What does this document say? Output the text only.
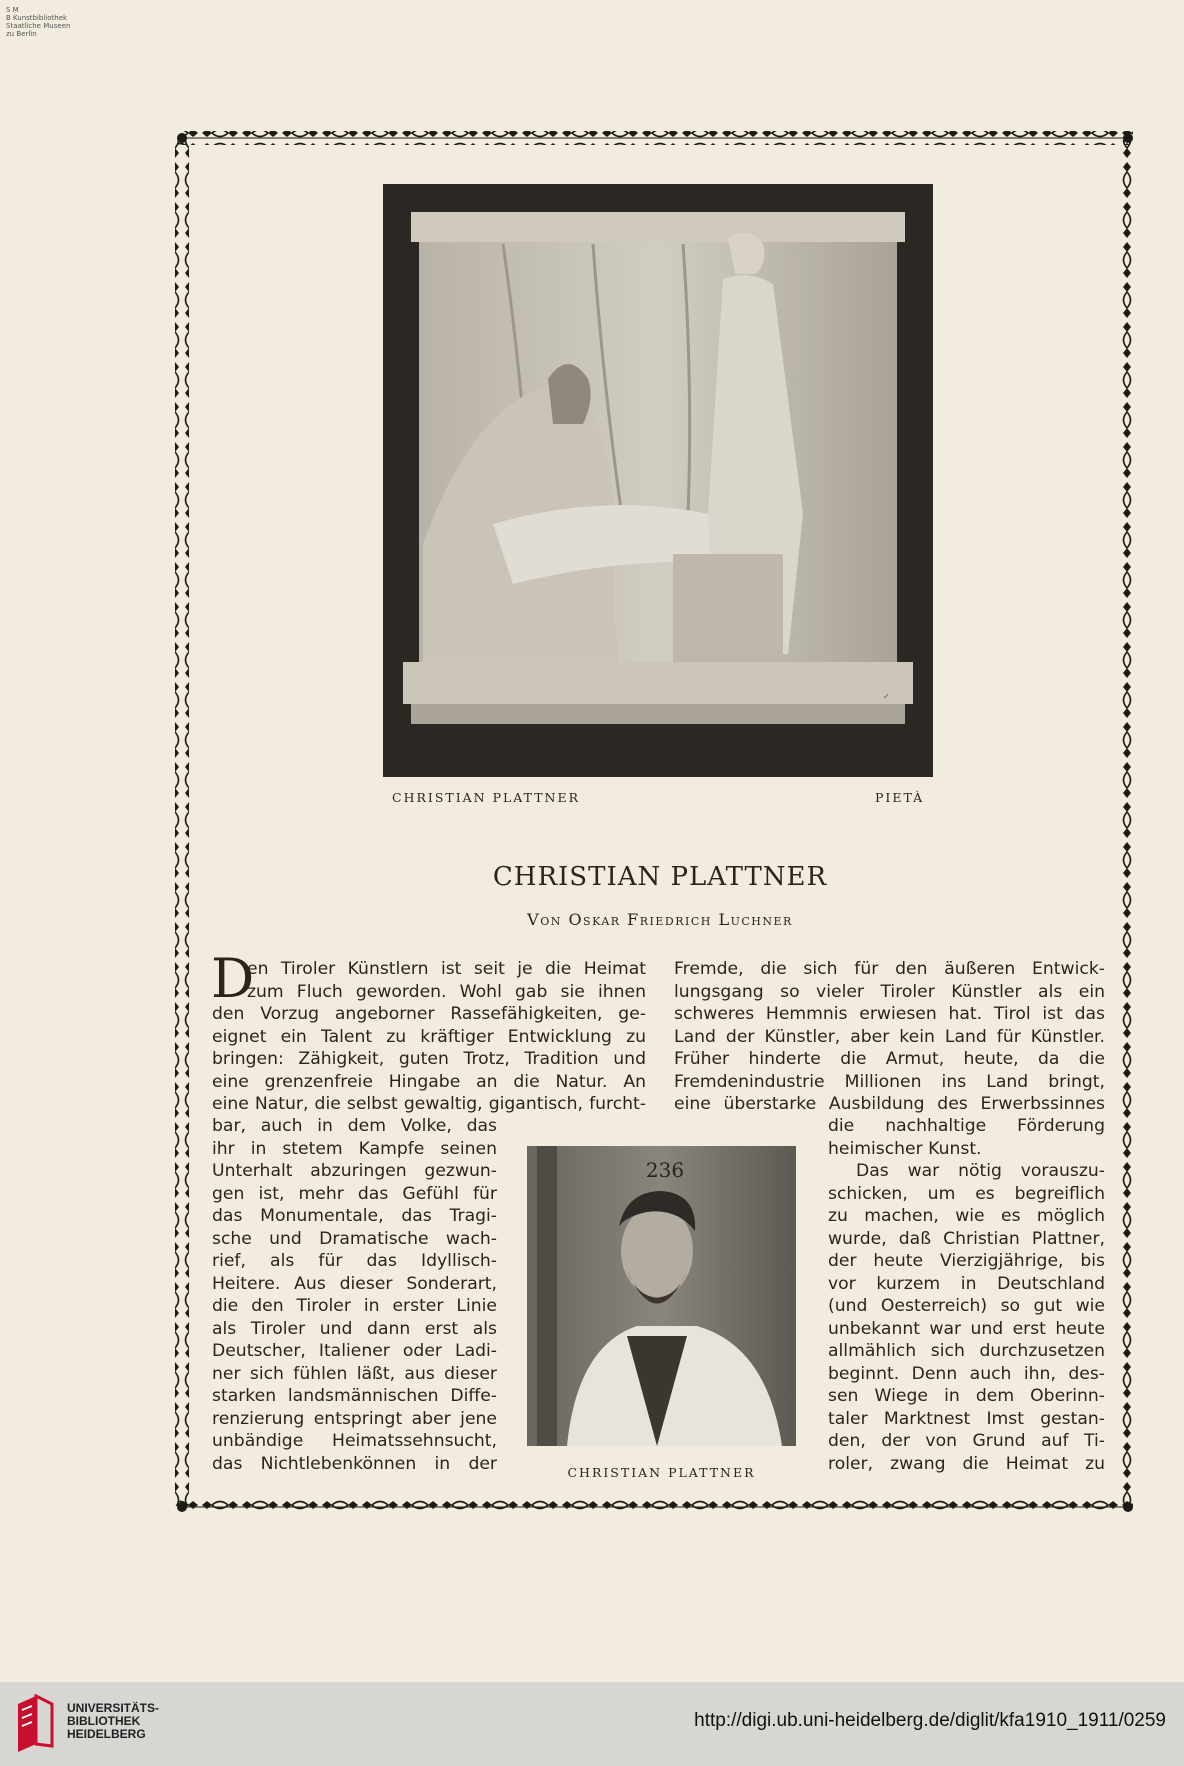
S M
B Kunstbibliothek
Staatliche Museen
zu Berlin
✓
CHRISTIAN PLATTNER	PIETÀ
CHRISTIAN PLATTNER
Von Oskar Friedrich Luchner
D
en Tiroler Künstlern ist seit je die Heimat
zum Fluch geworden. Wohl gab sie ihnen
den Vorzug angeborner Rassefähigkeiten, ge-
eignet ein Talent zu kräftiger Entwicklung zu
bringen: Zähigkeit, guten Trotz, Tradition und
eine grenzenfreie Hingabe an die Natur. An
eine Natur, die selbst gewaltig, gigantisch, furcht-
bar, auch in dem Volke, das
ihr in stetem Kampfe seinen
Unterhalt abzuringen gezwun-
gen ist, mehr das Gefühl für
das Monumentale, das Tragi-
sche und Dramatische wach-
rief, als für das Idyllisch-
Heitere. Aus dieser Sonderart,
die den Tiroler in erster Linie
als Tiroler und dann erst als
Deutscher, Italiener oder Ladi-
ner sich fühlen läßt, aus dieser
starken landsmännischen Diffe-
renzierung entspringt aber jene
unbändige Heimatssehnsucht,
das Nichtlebenkönnen in der
Fremde, die sich für den äußeren Entwick-
lungsgang so vieler Tiroler Künstler als ein
schweres Hemmnis erwiesen hat. Tirol ist das
Land der Künstler, aber kein Land für Künstler.
Früher hinderte die Armut, heute, da die
Fremdenindustrie Millionen ins Land bringt,
eine überstarke Ausbildung des Erwerbssinnes
die nachhaltige Förderung
heimischer Kunst.
Das war nötig vorauszu-
schicken, um es begreiflich
zu machen, wie es möglich
wurde, daß Christian Plattner,
der heute Vierzigjährige, bis
vor kurzem in Deutschland
(und Oesterreich) so gut wie
unbekannt war und erst heute
allmählich sich durchzusetzen
beginnt. Denn auch ihn, des-
sen Wiege in dem Oberinn-
taler Marktnest Imst gestan-
den, der von Grund auf Ti-
roler, zwang die Heimat zu
CHRISTIAN PLATTNER
236
UNIVERSITÄTS-
BIBLIOTHEK
HEIDELBERG
http://digi.ub.uni-heidelberg.de/diglit/kfa1910_1911/0259
